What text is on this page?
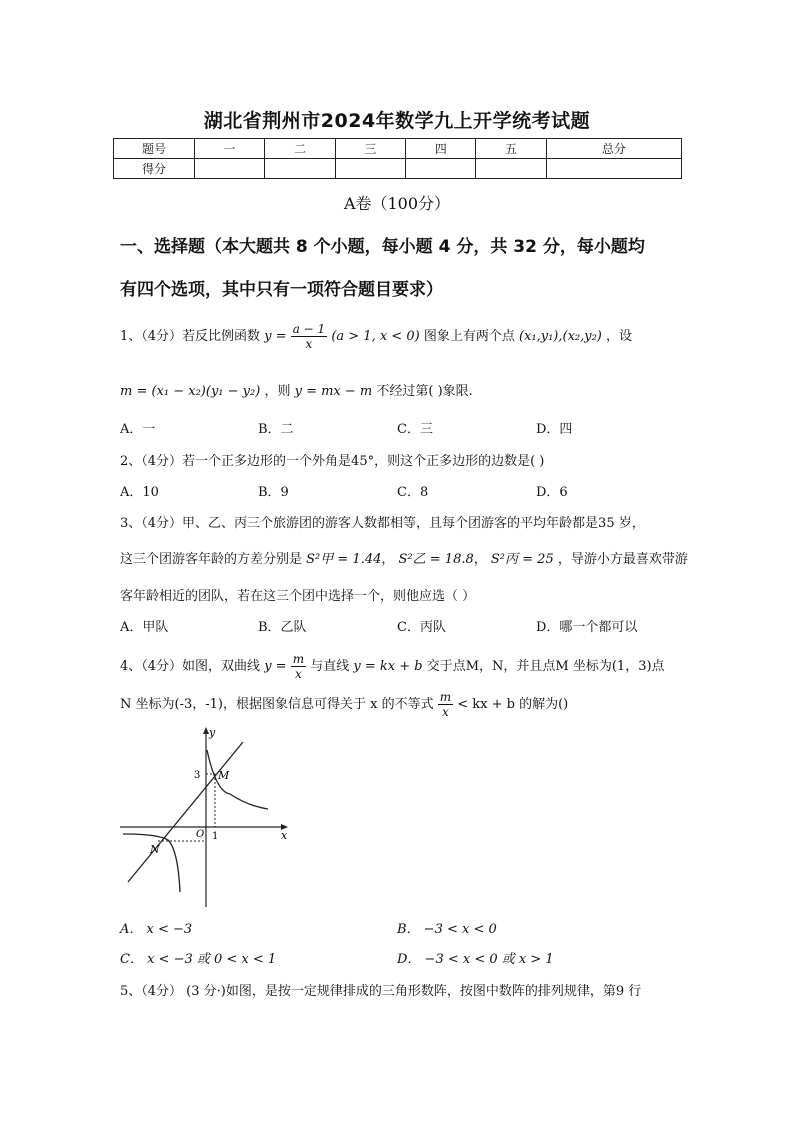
湖北省荆州市2024年数学九上开学统考试题
题号	一	二	三	四	五	总分
得分						
A卷（100分）
一、选择题（本大题共 8 个小题，每小题 4 分，共 32 分，每小题均
有四个选项，其中只有一项符合题目要求）
1、（4分）若反比例函数 $y = \frac{a - 1}{x} (a > 1$, x < 0) 图象上有两个点 (x₁,y₁),(x₂,y₂) ，设
m = (x₁ − x₂)(y₁ − y₂) ，则 y = mx − m 不经过第( )象限.
A．一	B．二	C．三	D．四
2、（4分）若一个正多边形的一个外角是45°，则这个正多边形的边数是( )
A．10	B．9	C．8	D．6
3、（4分）甲、乙、丙三个旅游团的游客人数都相等，且每个团游客的平均年龄都是35 岁，
这三个团游客年龄的方差分别是 S²甲 = 1.44， S²乙 = 18.8， S²丙 = 25 ，导游小方最喜欢带游
客年龄相近的团队，若在这三个团中选择一个，则他应选（ ）
A．甲队	B．乙队	C．丙队	D．哪一个都可以
4、（4分）如图，双曲线 $y = \frac{m}{x}$ 与直线 y = kx + b 交于点M，N，并且点M 坐标为(1，3)点
N 坐标为(-3，-1)，根据图象信息可得关于 x 的不等式 $\frac{m}{x}$ < kx + b 的解为()
y
x
O 1
3 M
N
A． x < −3	B． −3 < x < 0
C． x < −3 或 0 < x < 1	D． −3 < x < 0 或 x > 1
5、（4分） (3 分·)如图，是按一定规律排成的三角形数阵，按图中数阵的排列规律，第9 行
